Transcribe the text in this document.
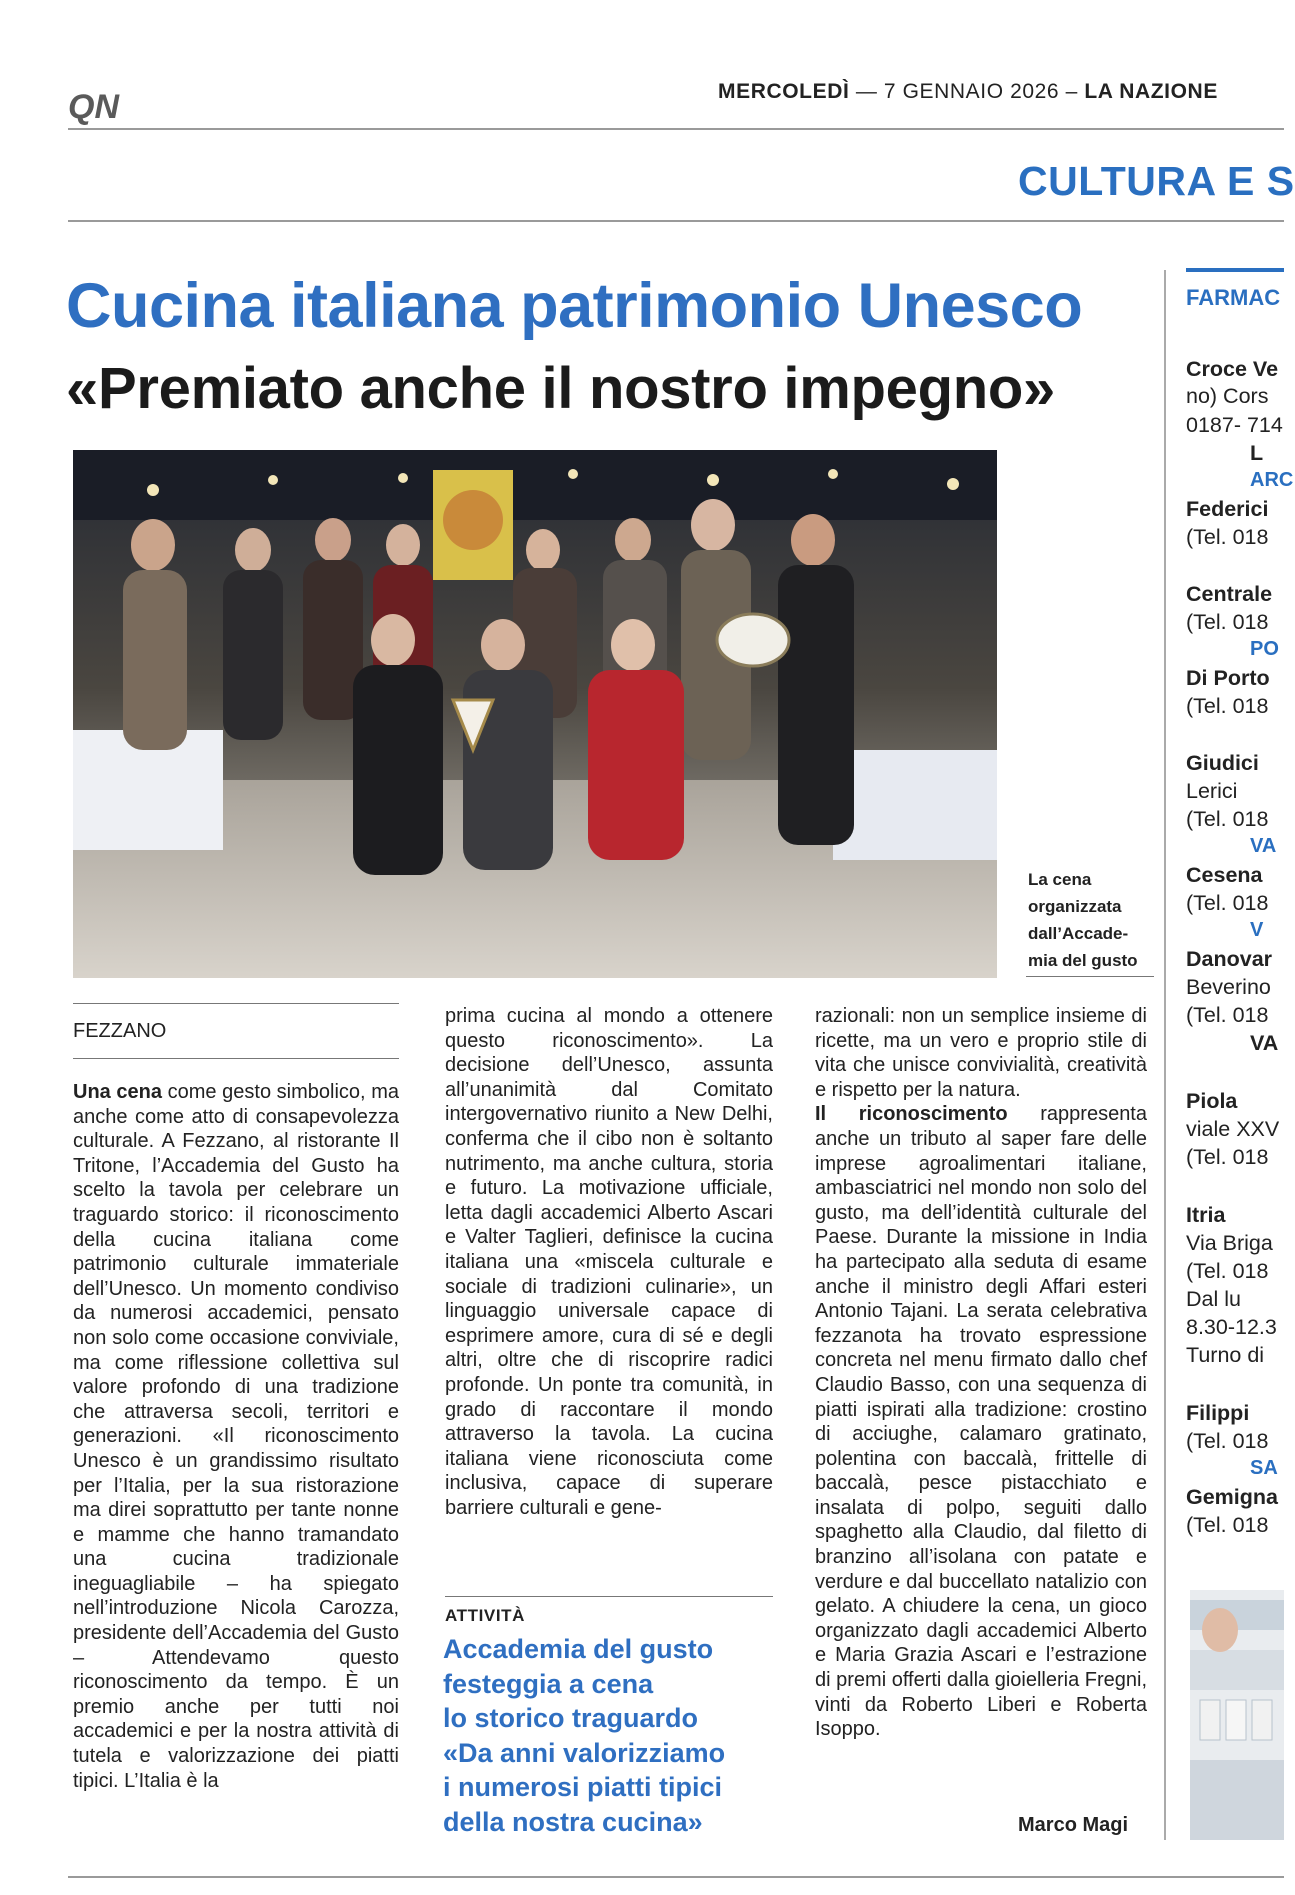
QN	MERCOLEDÌ — 7 GENNAIO 2026 – LA NAZIONE
CULTURA E S
Cucina italiana patrimonio Unesco
«Premiato anche il nostro impegno»
La cena
organizzata
dall’Accade-
mia del gusto
FEZZANO
Una cena come gesto simbolico, ma anche come atto di consapevolezza culturale. A Fezzano, al ristorante Il Tritone, l’Accademia del Gusto ha scelto la tavola per celebrare un traguardo storico: il riconoscimento della cucina italiana come patrimonio culturale immateriale dell’Unesco. Un momento condiviso da numerosi accademici, pensato non solo come occasione conviviale, ma come riflessione collettiva sul valore profondo di una tradizione che attraversa secoli, territori e generazioni. «Il riconoscimento Unesco è un grandissimo risultato per l’Italia, per la sua ristorazione ma direi soprattutto per tante nonne e mamme che hanno tramandato una cucina tradizionale ineguagliabile – ha spiegato nell’introduzione Nicola Carozza, presidente dell’Accademia del Gusto – Attendevamo questo riconoscimento da tempo. È un premio anche per tutti noi accademici e per la nostra attività di tutela e valorizzazione dei piatti tipici. L’Italia è la
prima cucina al mondo a ottenere questo riconoscimento». La decisione dell’Unesco, assunta all’unanimità dal Comitato intergovernativo riunito a New Delhi, conferma che il cibo non è soltanto nutrimento, ma anche cultura, storia e futuro. La motivazione ufficiale, letta dagli accademici Alberto Ascari e Valter Taglieri, definisce la cucina italiana una «miscela culturale e sociale di tradizioni culinarie», un linguaggio universale capace di esprimere amore, cura di sé e degli altri, oltre che di riscoprire radici profonde. Un ponte tra comunità, in grado di raccontare il mondo attraverso la tavola. La cucina italiana viene riconosciuta come inclusiva, capace di superare barriere culturali e gene-
razionali: non un semplice insieme di ricette, ma un vero e proprio stile di vita che unisce convivialità, creatività e rispetto per la natura.
Il riconoscimento rappresenta anche un tributo al saper fare delle imprese agroalimentari italiane, ambasciatrici nel mondo non solo del gusto, ma dell’identità culturale del Paese. Durante la missione in India ha partecipato alla seduta di esame anche il ministro degli Affari esteri Antonio Tajani. La serata celebrativa fezzanota ha trovato espressione concreta nel menu firmato dallo chef Claudio Basso, con una sequenza di piatti ispirati alla tradizione: crostino di acciughe, calamaro gratinato, polentina con baccalà, frittelle di baccalà, pesce pistacchiato e insalata di polpo, seguiti dallo spaghetto alla Claudio, dal filetto di branzino all’isolana con patate e verdure e dal buccellato natalizio con gelato. A chiudere la cena, un gioco organizzato dagli accademici Alberto e Maria Grazia Ascari e l’estrazione di premi offerti dalla gioielleria Fregni, vinti da Roberto Liberi e Roberta Isoppo.
ATTIVITÀ
Accademia del gusto
festeggia a cena
lo storico traguardo
«Da anni valorizziamo
i numerosi piatti tipici
della nostra cucina»	Marco Magi
FARMAC
Croce Ve
no) Cors
0187- 714
L
ARC
Federici
(Tel. 018
Centrale
(Tel. 018
PO
Di Porto
(Tel. 018
Giudici
Lerici
(Tel. 018
VA
Cesena
(Tel. 018
V
Danovar
Beverino
(Tel. 018
VA
Piola
viale XXV
(Tel. 018
Itria
Via Briga
(Tel. 018
Dal lu
8.30-12.3
Turno di
Filippi
(Tel. 018
SA
Gemigna
(Tel. 018
